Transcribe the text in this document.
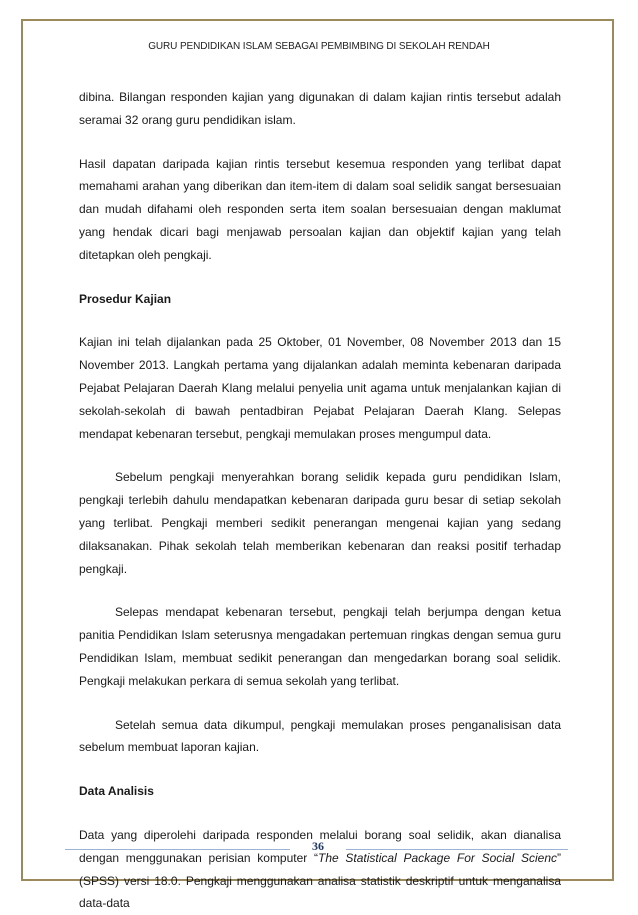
GURU PENDIDIKAN ISLAM SEBAGAI PEMBIMBING DI SEKOLAH RENDAH

dibina. Bilangan responden kajian yang digunakan di dalam kajian rintis tersebut adalah seramai 32 orang guru pendidikan islam.

Hasil dapatan daripada kajian rintis tersebut kesemua responden yang terlibat dapat memahami arahan yang diberikan dan item-item di dalam soal selidik sangat bersesuaian dan mudah difahami oleh responden serta item soalan bersesuaian dengan maklumat yang hendak dicari bagi menjawab persoalan kajian dan objektif kajian yang telah ditetapkan oleh pengkaji.

Prosedur Kajian

Kajian ini telah dijalankan pada 25 Oktober, 01 November, 08 November 2013 dan 15 November 2013. Langkah pertama yang dijalankan adalah meminta kebenaran daripada Pejabat Pelajaran Daerah Klang melalui penyelia unit agama untuk menjalankan kajian di sekolah-sekolah di bawah pentadbiran Pejabat Pelajaran Daerah Klang. Selepas mendapat kebenaran tersebut, pengkaji memulakan proses mengumpul data.

Sebelum pengkaji menyerahkan borang selidik kepada guru pendidikan Islam, pengkaji terlebih dahulu mendapatkan kebenaran daripada guru besar di setiap sekolah yang terlibat. Pengkaji memberi sedikit penerangan mengenai kajian yang sedang dilaksanakan. Pihak sekolah telah memberikan kebenaran dan reaksi positif terhadap pengkaji.

Selepas mendapat kebenaran tersebut, pengkaji telah berjumpa dengan ketua panitia Pendidikan Islam seterusnya mengadakan pertemuan ringkas dengan semua guru Pendidikan Islam, membuat sedikit penerangan dan mengedarkan borang soal selidik. Pengkaji melakukan perkara di semua sekolah yang terlibat.

Setelah semua data dikumpul, pengkaji memulakan proses penganalisisan data sebelum membuat laporan kajian.

Data Analisis

Data yang diperolehi daripada responden melalui borang soal selidik, akan dianalisa dengan menggunakan perisian komputer “The Statistical Package For Social Scienc” (SPSS) versi 18.0. Pengkaji menggunakan analisa statistik deskriptif untuk menganalisa data-data

36
